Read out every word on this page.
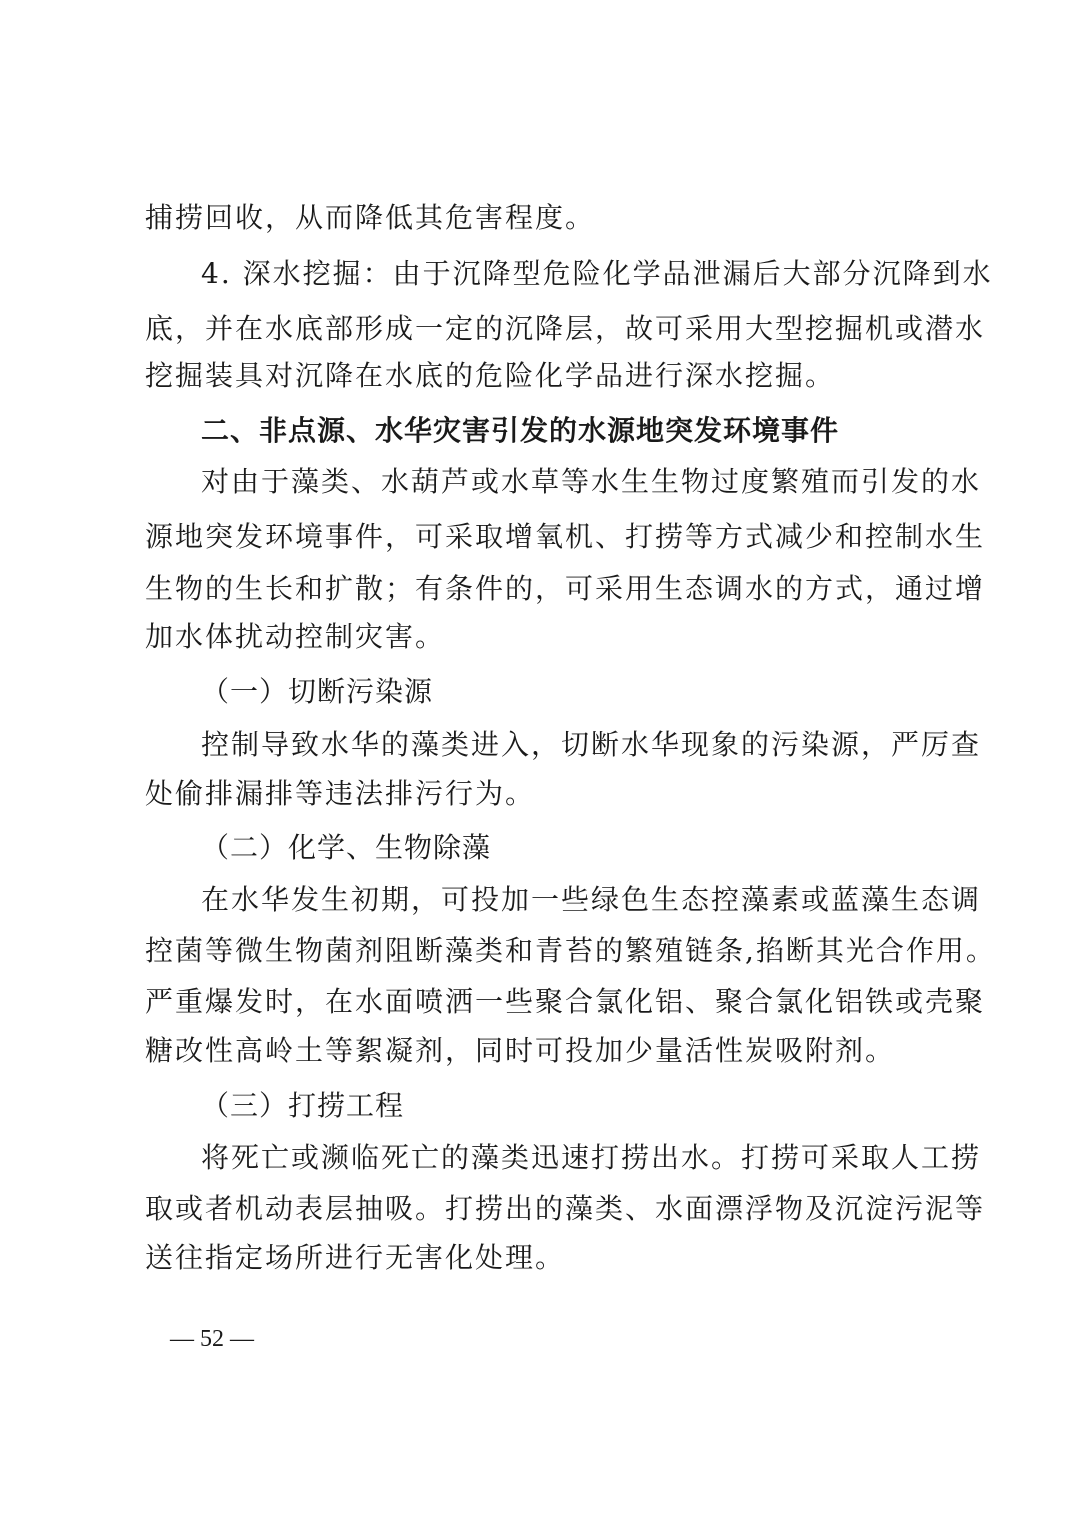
捕捞回收，从而降低其危害程度。
4. 深水挖掘：由于沉降型危险化学品泄漏后大部分沉降到水
底，并在水底部形成一定的沉降层，故可采用大型挖掘机或潜水
挖掘装具对沉降在水底的危险化学品进行深水挖掘。
二、非点源、水华灾害引发的水源地突发环境事件
对由于藻类、水葫芦或水草等水生生物过度繁殖而引发的水
源地突发环境事件，可采取增氧机、打捞等方式减少和控制水生
生物的生长和扩散；有条件的，可采用生态调水的方式，通过增
加水体扰动控制灾害。
（一）切断污染源
控制导致水华的藻类进入，切断水华现象的污染源，严厉查
处偷排漏排等违法排污行为。
（二）化学、生物除藻
在水华发生初期，可投加一些绿色生态控藻素或蓝藻生态调
控菌等微生物菌剂阻断藻类和青苔的繁殖链条,掐断其光合作用。
严重爆发时，在水面喷洒一些聚合氯化铝、聚合氯化铝铁或壳聚
糖改性高岭土等絮凝剂，同时可投加少量活性炭吸附剂。
（三）打捞工程
将死亡或濒临死亡的藻类迅速打捞出水。打捞可采取人工捞
取或者机动表层抽吸。打捞出的藻类、水面漂浮物及沉淀污泥等
送往指定场所进行无害化处理。
— 52 —
